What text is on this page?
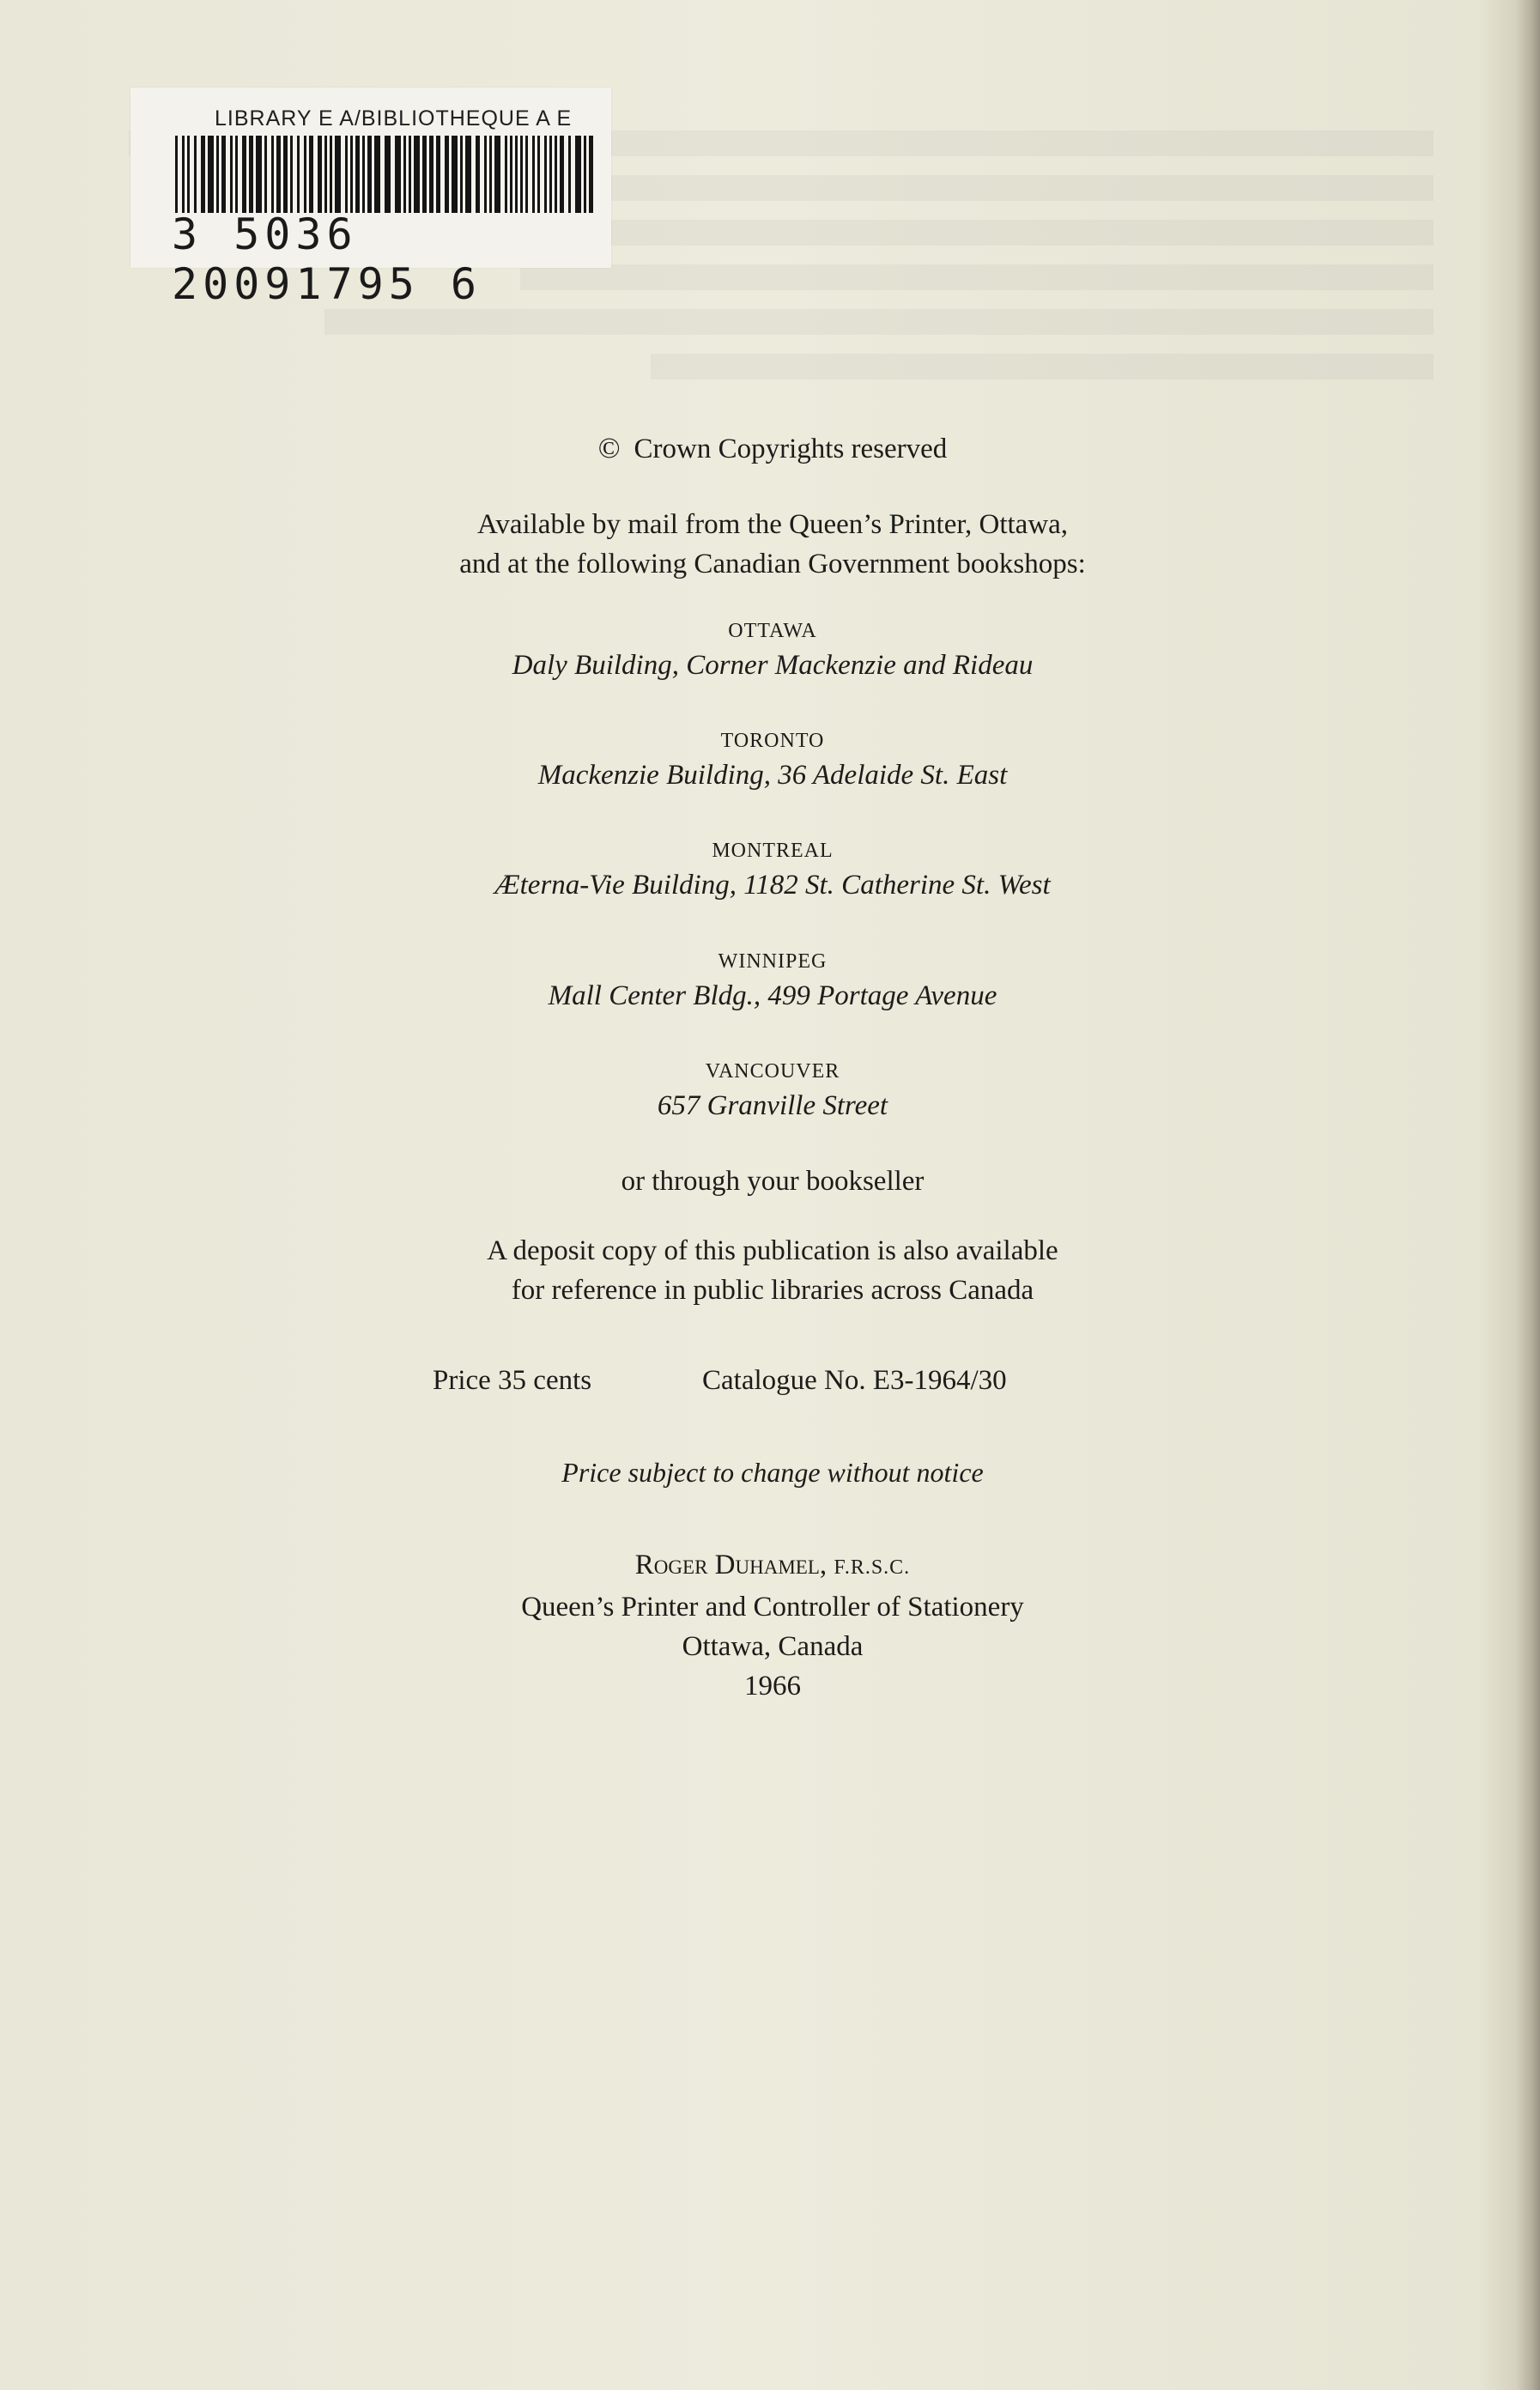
LIBRARY E A/BIBLIOTHEQUE A E
3 5036 20091795 6
© Crown Copyrights reserved
Available by mail from the Queen’s Printer, Ottawa,
and at the following Canadian Government bookshops:
OTTAWA
Daly Building, Corner Mackenzie and Rideau
TORONTO
Mackenzie Building, 36 Adelaide St. East
MONTREAL
Æterna-Vie Building, 1182 St. Catherine St. West
WINNIPEG
Mall Center Bldg., 499 Portage Avenue
VANCOUVER
657 Granville Street
or through your bookseller
A deposit copy of this publication is also available
for reference in public libraries across Canada
Price 35 cents	Catalogue No. E3-1964/30
Price subject to change without notice
Roger Duhamel, F.R.S.C.
Queen’s Printer and Controller of Stationery
Ottawa, Canada
1966
